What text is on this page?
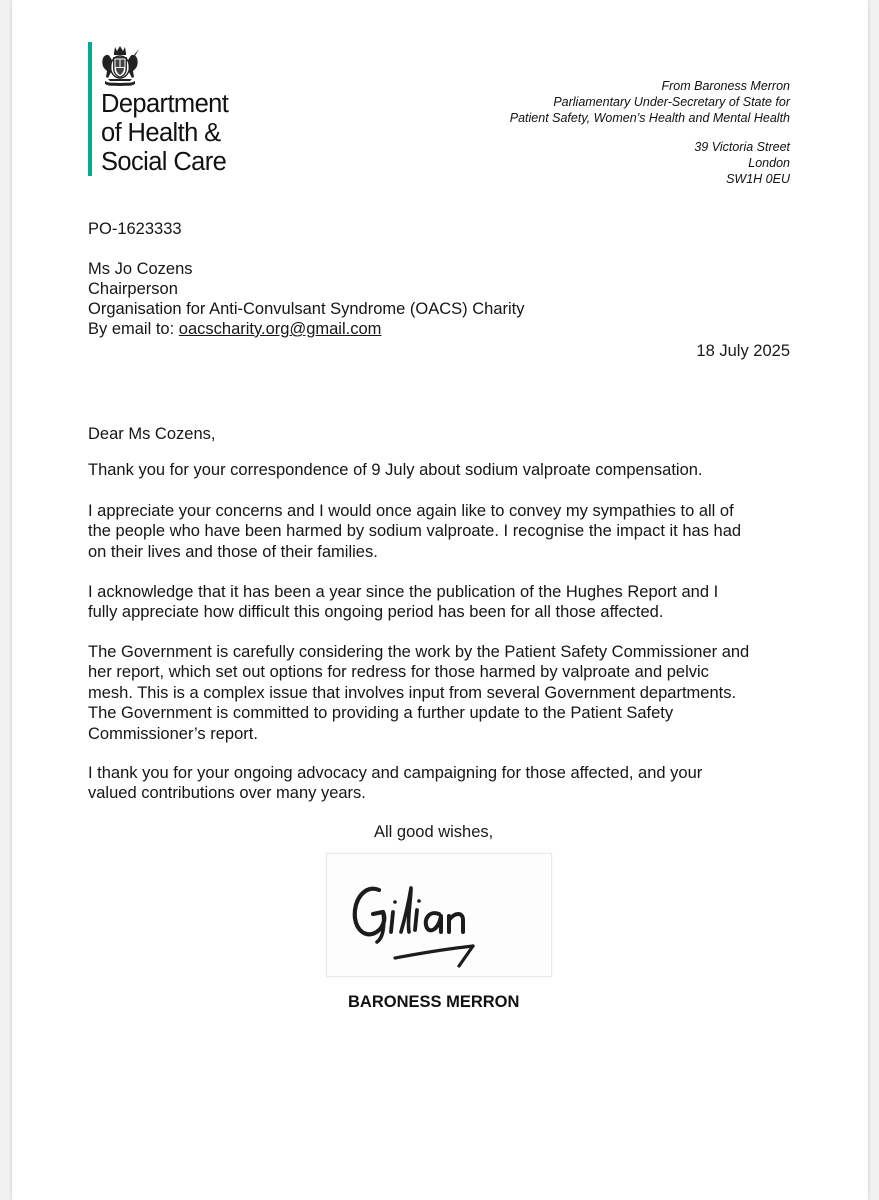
Department
of Health &
Social Care
From Baroness Merron
Parliamentary Under-Secretary of State for
Patient Safety, Women’s Health and Mental Health
39 Victoria Street
London
SW1H 0EU
PO-1623333
Ms Jo Cozens
Chairperson
Organisation for Anti-Convulsant Syndrome (OACS) Charity
By email to: oacscharity.org@gmail.com
18 July 2025
Dear Ms Cozens,
Thank you for your correspondence of 9 July about sodium valproate compensation.
I appreciate your concerns and I would once again like to convey my sympathies to all of
the people who have been harmed by sodium valproate. I recognise the impact it has had
on their lives and those of their families.
I acknowledge that it has been a year since the publication of the Hughes Report and I
fully appreciate how difficult this ongoing period has been for all those affected.
The Government is carefully considering the work by the Patient Safety Commissioner and
her report, which set out options for redress for those harmed by valproate and pelvic
mesh. This is a complex issue that involves input from several Government departments.
The Government is committed to providing a further update to the Patient Safety
Commissioner’s report.
I thank you for your ongoing advocacy and campaigning for those affected, and your
valued contributions over many years.
All good wishes,
BARONESS MERRON
